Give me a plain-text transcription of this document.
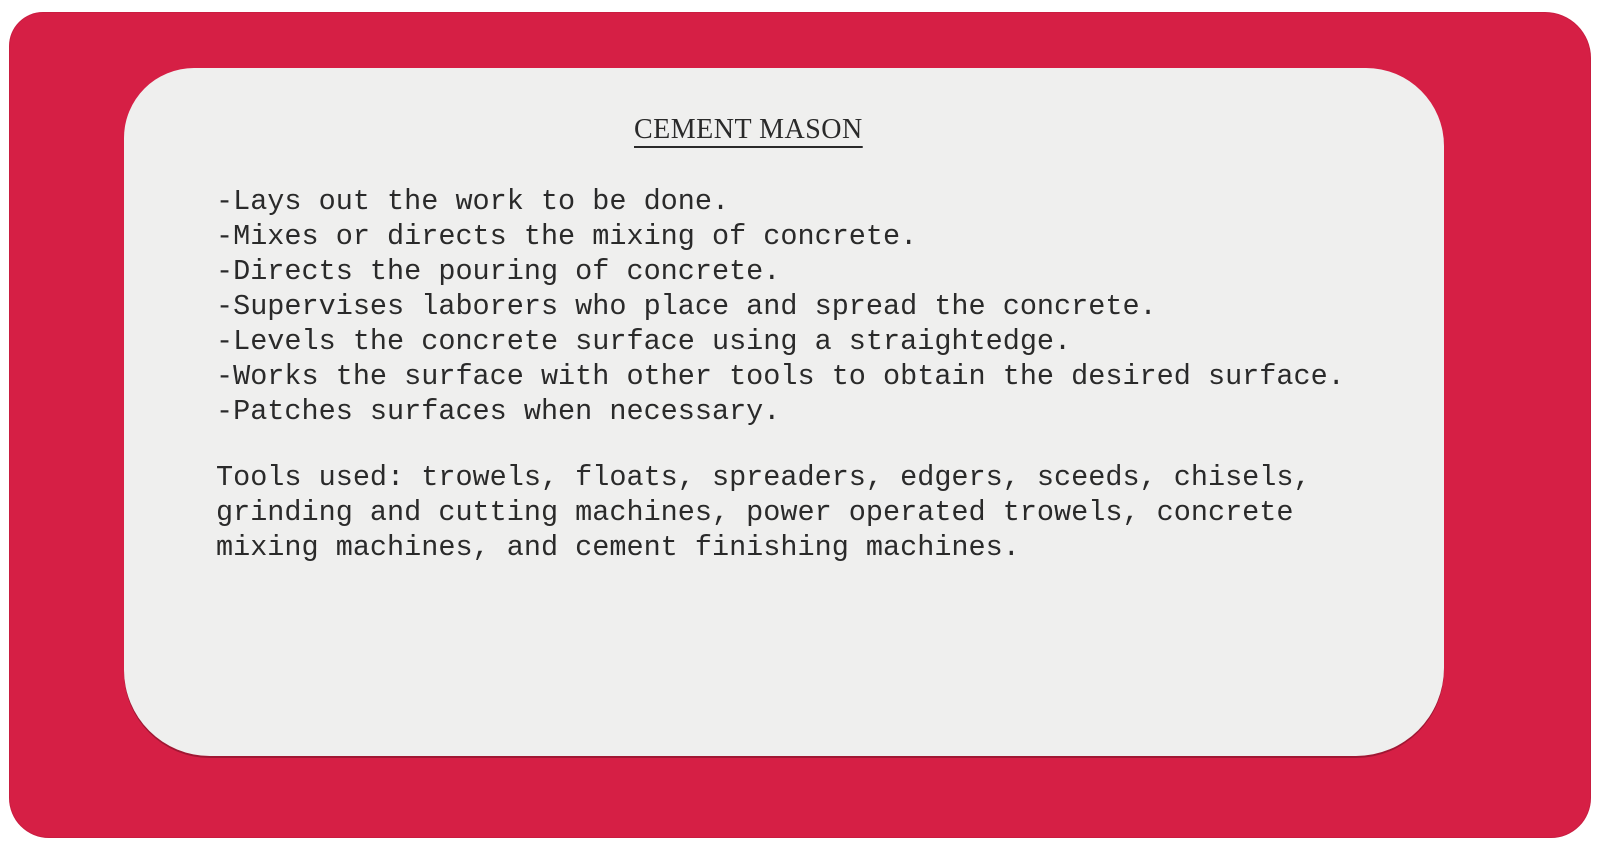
CEMENT MASON
-Lays out the work to be done.
-Mixes or directs the mixing of concrete.
-Directs the pouring of concrete.
-Supervises laborers who place and spread the concrete.
-Levels the concrete surface using a straightedge.
-Works the surface with other tools to obtain the desired surface.
-Patches surfaces when necessary.

Tools used: trowels, floats, spreaders, edgers, sceeds, chisels,
grinding and cutting machines, power operated trowels, concrete
mixing machines, and cement finishing machines.
